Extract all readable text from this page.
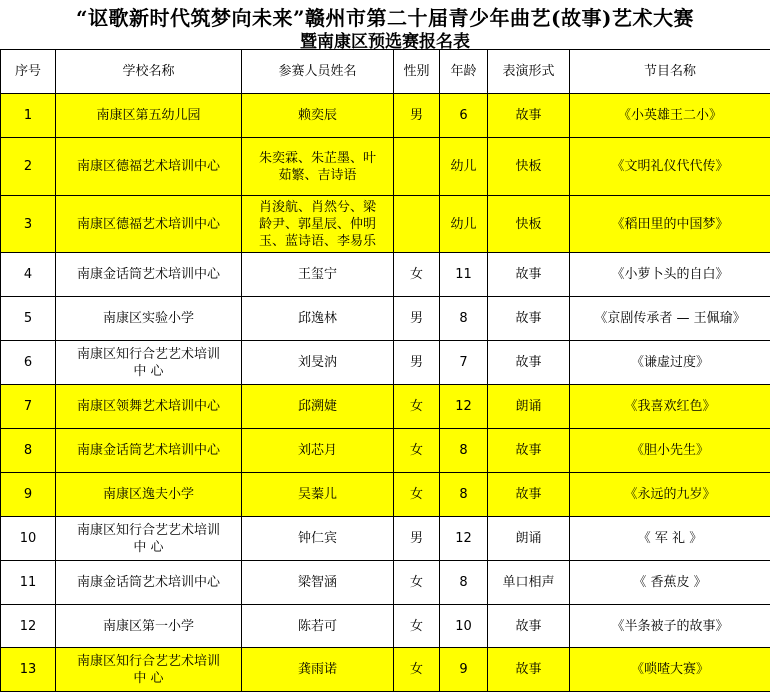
“讴歌新时代筑梦向未来”赣州市第二十届青少年曲艺(故事)艺术大赛
暨南康区预选赛报名表
序号	学校名称	参赛人员姓名	性别	年龄	表演形式	节目名称
1	南康区第五幼儿园	赖奕辰	男	6	故事	《小英雄王二小》
2	南康区德福艺术培训中心	朱奕霖、朱芷墨、叶
茹繁、吉诗语		幼儿	快板	《文明礼仪代代传》
3	南康区德福艺术培训中心	肖浚航、肖然兮、梁
龄尹、郭星辰、仲明
玉、蓝诗语、李易乐		幼儿	快板	《稻田里的中国梦》
4	南康金话筒艺术培训中心	王玺宁	女	11	故事	《小萝卜头的自白》
5	南康区实验小学	邱逸林	男	8	故事	《京剧传承者 — 王佩瑜》
6	南康区知行合艺艺术培训
中 心	刘旻汭	男	7	故事	《谦虚过度》
7	南康区领舞艺术培训中心	邱溯婕	女	12	朗诵	《我喜欢红色》
8	南康金话筒艺术培训中心	刘芯月	女	8	故事	《胆小先生》
9	南康区逸夫小学	吴蓁儿	女	8	故事	《永远的九岁》
10	南康区知行合艺艺术培训
中 心	钟仁宾	男	12	朗诵	《 军 礼 》
11	南康金话筒艺术培训中心	梁智涵	女	8	单口相声	《 香蕉皮 》
12	南康区第一小学	陈若可	女	10	故事	《半条被子的故事》
13	南康区知行合艺艺术培训
中 心	龚雨诺	女	9	故事	《唢喳大赛》
